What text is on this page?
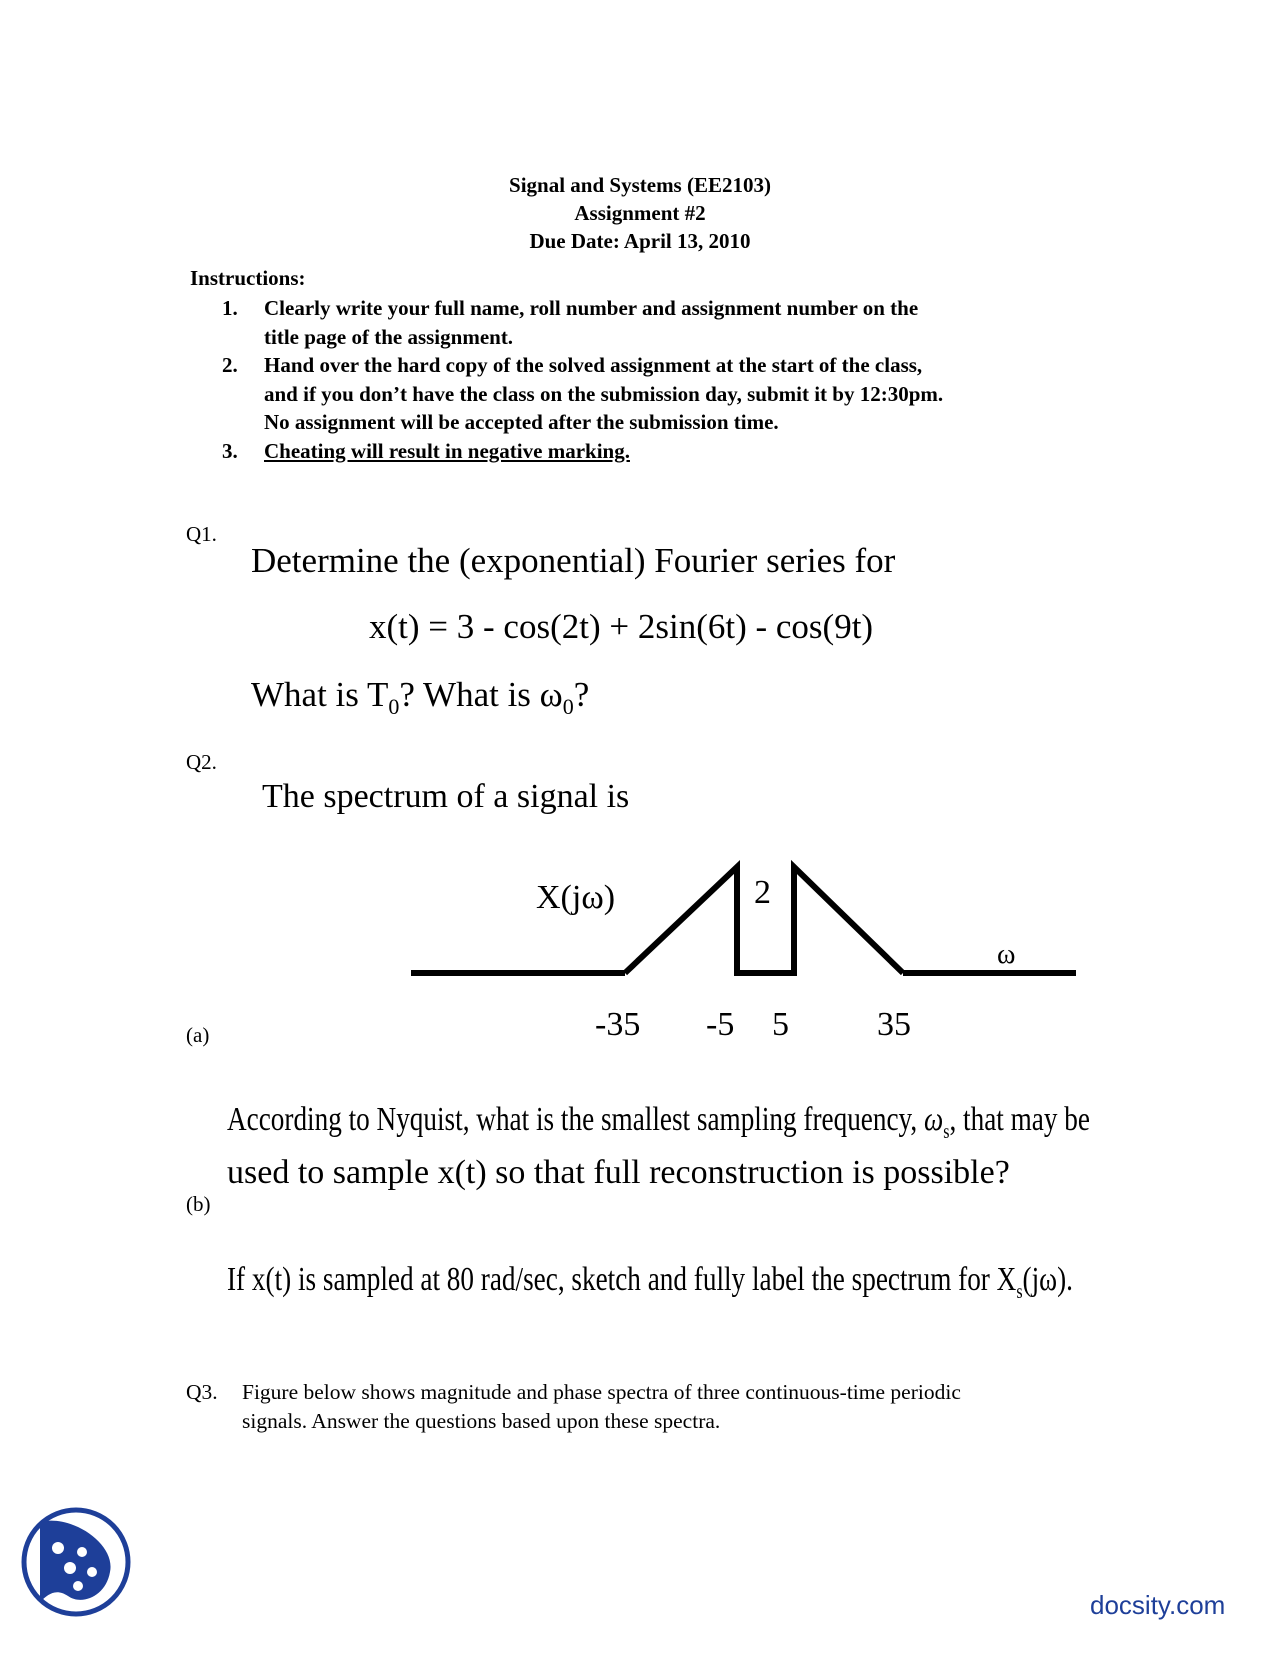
Signal and Systems (EE2103)
Assignment #2
Due Date: April 13, 2010
Instructions:
1. Clearly write your full name, roll number and assignment number on the
title page of the assignment.
2. Hand over the hard copy of the solved assignment at the start of the class,
and if you don’t have the class on the submission day, submit it by 12:30pm.
No assignment will be accepted after the submission time.
3. Cheating will result in negative marking.
Q1.
Determine the (exponential) Fourier series for
x(t) = 3 - cos(2t) + 2sin(6t) - cos(9t)
What is $T_0$? What is $\omega_0$?
Q2.
The spectrum of a signal is
X(jω)	2
ω
-35 -5 5	35
(a)
According to Nyquist, what is the smallest sampling frequency, $\omega_s$, that may be
used to sample x(t) so that full reconstruction is possible?
(b)
If x(t) is sampled at 80 rad/sec, sketch and fully label the spectrum for $X_s(j\omega)$.
Q3. Figure below shows magnitude and phase spectra of three continuous-time periodic
signals. Answer the questions based upon these spectra.
docsity.com
